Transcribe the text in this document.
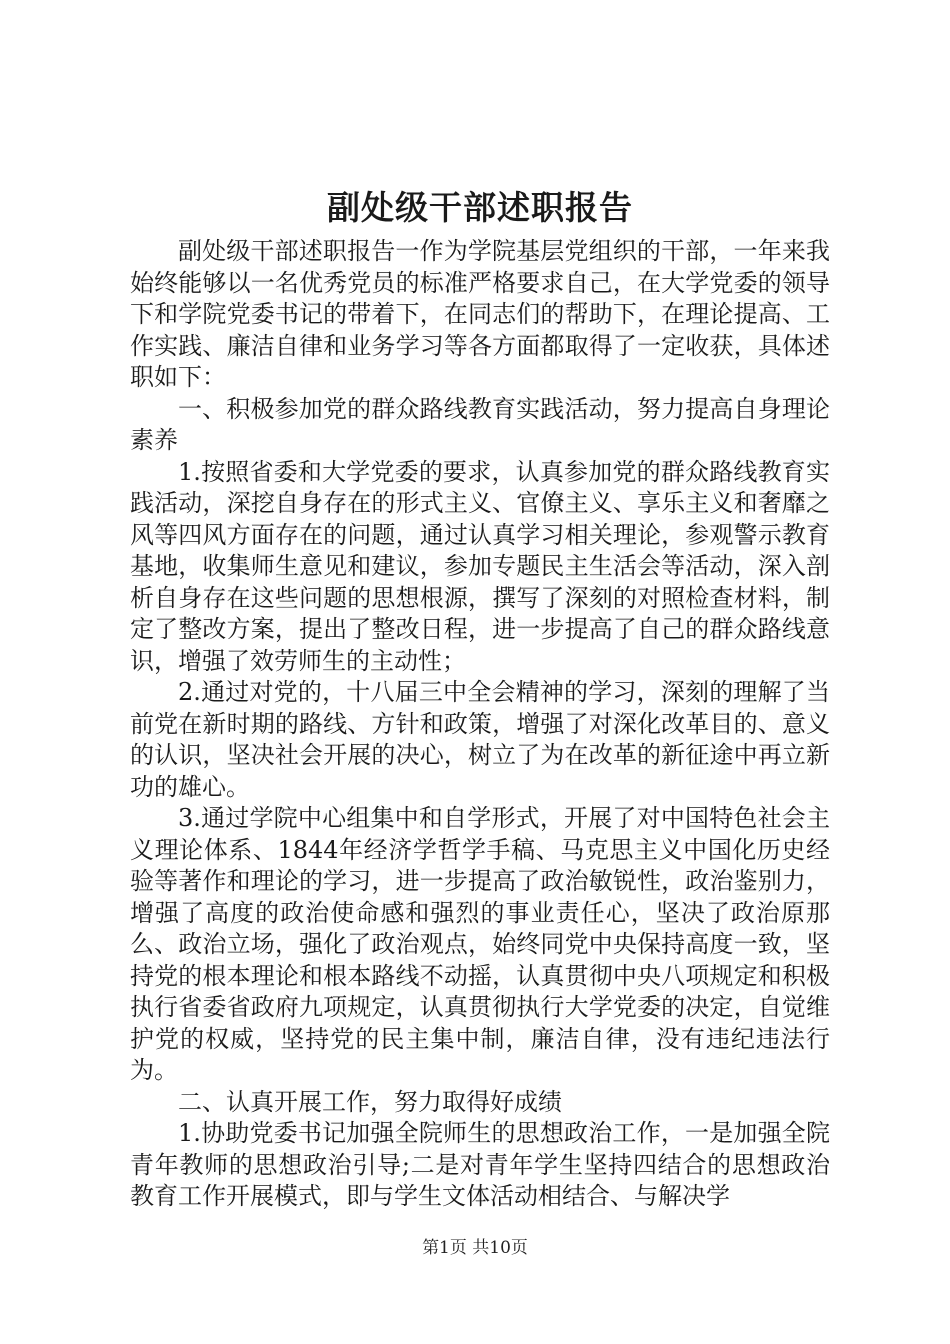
副处级干部述职报告

副处级干部述职报告一作为学院基层党组织的干部，一年来我始终能够以一名优秀党员的标准严格要求自己，在大学党委的领导下和学院党委书记的带着下，在同志们的帮助下，在理论提高、工作实践、廉洁自律和业务学习等各方面都取得了一定收获，具体述职如下：

一、积极参加党的群众路线教育实践活动，努力提高自身理论素养

1.按照省委和大学党委的要求，认真参加党的群众路线教育实践活动，深挖自身存在的形式主义、官僚主义、享乐主义和奢靡之风等四风方面存在的问题，通过认真学习相关理论，参观警示教育基地，收集师生意见和建议，参加专题民主生活会等活动，深入剖析自身存在这些问题的思想根源，撰写了深刻的对照检查材料，制定了整改方案，提出了整改日程，进一步提高了自己的群众路线意识，增强了效劳师生的主动性；

2.通过对党的，十八届三中全会精神的学习，深刻的理解了当前党在新时期的路线、方针和政策，增强了对深化改革目的、意义的认识，坚决社会开展的决心，树立了为在改革的新征途中再立新功的雄心。

3.通过学院中心组集中和自学形式，开展了对中国特色社会主义理论体系、1844年经济学哲学手稿、马克思主义中国化历史经验等著作和理论的学习，进一步提高了政治敏锐性，政治鉴别力，增强了高度的政治使命感和强烈的事业责任心，坚决了政治原那么、政治立场，强化了政治观点，始终同党中央保持高度一致，坚持党的根本理论和根本路线不动摇，认真贯彻中央八项规定和积极执行省委省政府九项规定，认真贯彻执行大学党委的决定，自觉维护党的权威，坚持党的民主集中制，廉洁自律，没有违纪违法行为。

二、认真开展工作，努力取得好成绩

1.协助党委书记加强全院师生的思想政治工作，一是加强全院青年教师的思想政治引导;二是对青年学生坚持四结合的思想政治教育工作开展模式，即与学生文体活动相结合、与解决学

第1页 共10页
